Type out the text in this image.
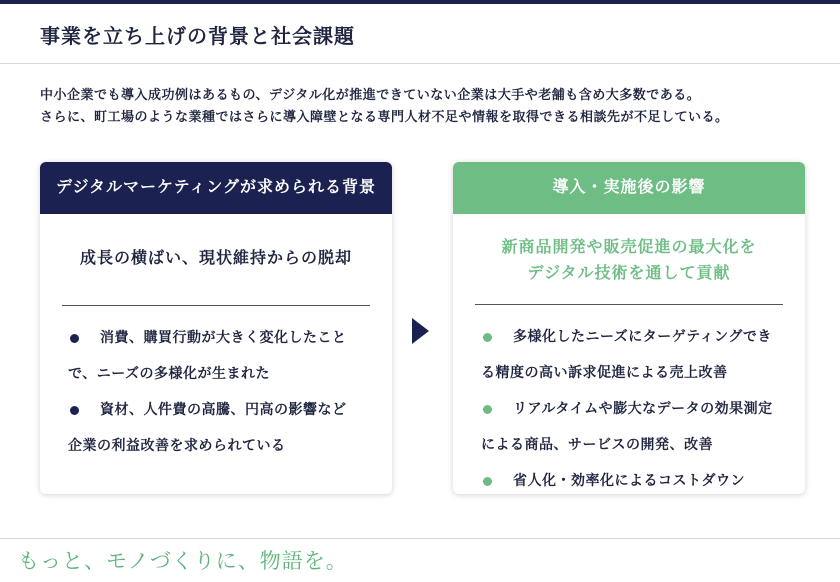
事業を立ち上げの背景と社会課題
中小企業でも導入成功例はあるもの、デジタル化が推進できていない企業は大手や老舗も含め大多数である。
さらに、町工場のような業種ではさらに導入障壁となる専門人材不足や情報を取得できる相談先が不足している。
デジタルマーケティングが求められる背景
成長の横ばい、現状維持からの脱却
消費、購買行動が大きく変化したこと
で、ニーズの多様化が生まれた
資材、人件費の高騰、円高の影響など
企業の利益改善を求められている
導入・実施後の影響
新商品開発や販売促進の最大化を
デジタル技術を通して貢献
多様化したニーズにターゲティングでき
る精度の高い訴求促進による売上改善
リアルタイムや膨大なデータの効果測定
による商品、サービスの開発、改善
省人化・効率化によるコストダウン
もっと、モノづくりに、物語を。
